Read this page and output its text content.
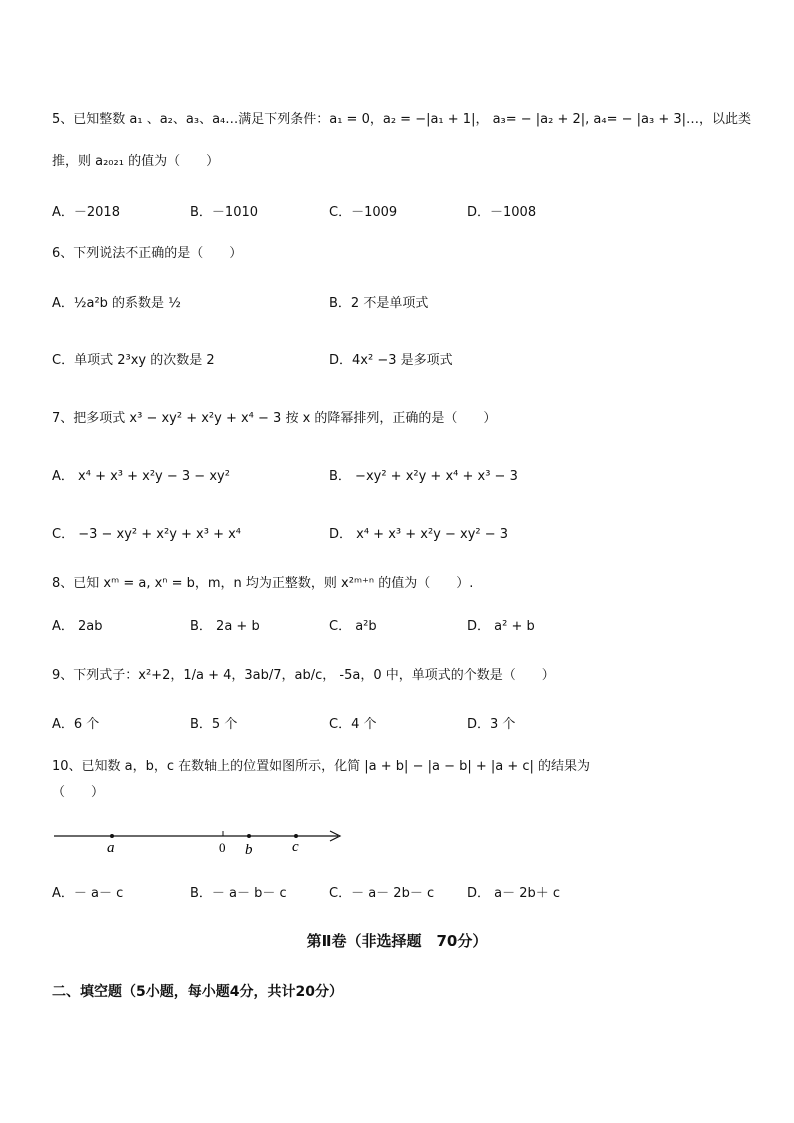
5、已知整数 a₁ 、a₂、a₃、a₄…满足下列条件：a₁ = 0，a₂ = −|a₁ + 1|， a₃= − |a₂ + 2|, a₄= − |a₃ + 3|…，以此类
推，则 a₂₀₂₁ 的值为（　　）
A．－2018	B．－1010	C．－1009	D．－1008
6、下列说法不正确的是（　　）
A．½a²b 的系数是 ½	B．2 不是单项式
C．单项式 2³xy 的次数是 2	D．4x² −3 是多项式
7、把多项式 x³ − xy² + x²y + x⁴ − 3 按 x 的降幂排列，正确的是（　　）
A． x⁴ + x³ + x²y − 3 − xy²	B． −xy² + x²y + x⁴ + x³ − 3
C． −3 − xy² + x²y + x³ + x⁴	D． x⁴ + x³ + x²y − xy² − 3
8、已知 xᵐ = a, xⁿ = b，m，n 均为正整数，则 x²ᵐ⁺ⁿ 的值为（　　）.
A． 2ab	B． 2a + b	C． a²b	D． a² + b
9、下列式子：x²+2，1/a + 4，3ab/7，ab/c， -5a，0 中，单项式的个数是（　　）
A．6 个	B．5 个	C．4 个	D．3 个
10、已知数 a，b，c 在数轴上的位置如图所示，化简 |a + b| − |a − b| + |a + c| 的结果为
（　　）
a	0 b	c
A．－ a－ c	B．－ a－ b－ c	C．－ a－ 2b－ c	D． a－ 2b＋ c
第Ⅱ卷（非选择题　70分）
二、填空题（5小题，每小题4分，共计20分）
